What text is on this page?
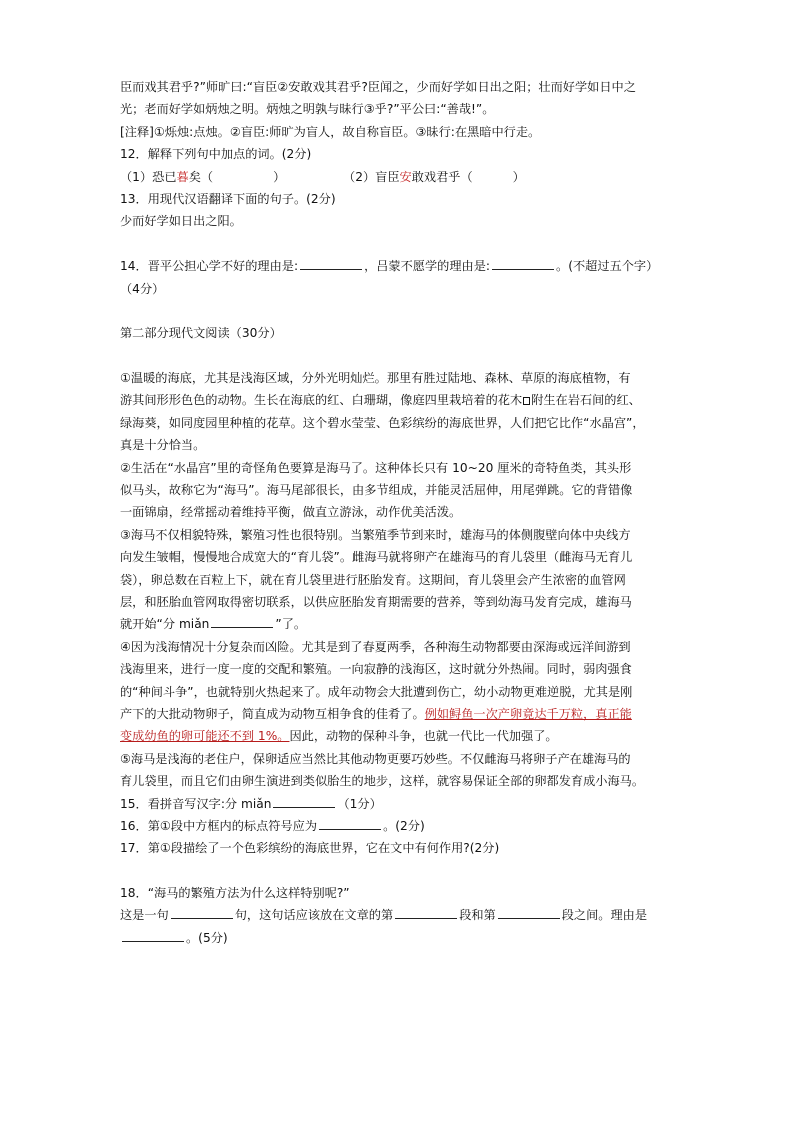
臣而戏其君乎?”师旷曰:“盲臣②安敢戏其君乎?臣闻之，少而好学如日出之阳；壮而好学如日中之
光；老而好学如炳烛之明。炳烛之明孰与昧行③乎?”平公曰:“善哉!”。
[注释]①烁烛:点烛。②盲臣:师旷为盲人，故自称盲臣。③昧行:在黑暗中行走。
12．解释下列句中加点的词。(2分)
（1）恐已暮矣（	）	（2）盲臣安敢戏君乎（	）
13．用现代汉语翻译下面的句子。(2分)
少而好学如日出之阳。
14．晋平公担心学不好的理由是:	，吕蒙不愿学的理由是:	。(不超过五个字）
（4分）
第二部分现代文阅读（30分）
①温暖的海底，尤其是浅海区域，分外光明灿烂。那里有胜过陆地、森林、草原的海底植物，有
游其间形形色色的动物。生长在海底的红、白珊瑚，像庭四里栽培着的花木 附生在岩石间的红、
绿海葵，如同度园里种植的花草。这个碧水莹莹、色彩缤纷的海底世界，人们把它比作“水晶宫”，
真是十分恰当。
②生活在“水晶宫”里的奇怪角色要算是海马了。这种体长只有 10~20 厘米的奇特鱼类，其头形
似马头，故称它为“海马”。海马尾部很长，由多节组成，并能灵活屈伸，用尾弹跳。它的背错像
一面锦扇，经常摇动着维持平衡，做直立游泳，动作优美活泼。
③海马不仅相貌特殊，繁殖习性也很特别。当繁殖季节到来时，雄海马的体侧腹壁向体中央线方
向发生皱帽，慢慢地合成宽大的“育儿袋”。雌海马就将卵产在雄海马的育儿袋里（雌海马无育儿
袋），卵总数在百粒上下，就在育儿袋里进行胚胎发育。这期间，育儿袋里会产生浓密的血管网
层，和胚胎血管网取得密切联系，以供应胚胎发育期需要的营养，等到幼海马发育完成，雄海马
就开始“分 miǎn	”了。
④因为浅海情况十分复杂而凶险。尤其是到了春夏两季，各种海生动物都要由深海或远洋间游到
浅海里来，进行一度一度的交配和繁殖。一向寂静的浅海区，这时就分外热闹。同时，弱肉强食
的“种间斗争”，也就特别火热起来了。成年动物会大批遭到伤亡，幼小动物更难逆脱，尤其是刚
产下的大批动物卵子，简直成为动物互相争食的佳肴了。例如鲟鱼一次产卵竟达千万粒，真正能
变成幼鱼的卵可能还不到 1%。因此，动物的保种斗争，也就一代比一代加强了。
⑤海马是浅海的老住户，保卵适应当然比其他动物更要巧妙些。不仅雌海马将卵子产在雄海马的
育儿袋里，而且它们由卵生演进到类似胎生的地步，这样，就容易保证全部的卵都发育成小海马。
15．看拼音写汉字:分 miǎn	（1分）
16．第①段中方框内的标点符号应为	。(2分)
17．第①段描绘了一个色彩缤纷的海底世界，它在文中有何作用?(2分)
18．“海马的繁殖方法为什么这样特别呢?”
这是一句	句，这句话应该放在文章的第	段和第	段之间。理由是
。(5分)
